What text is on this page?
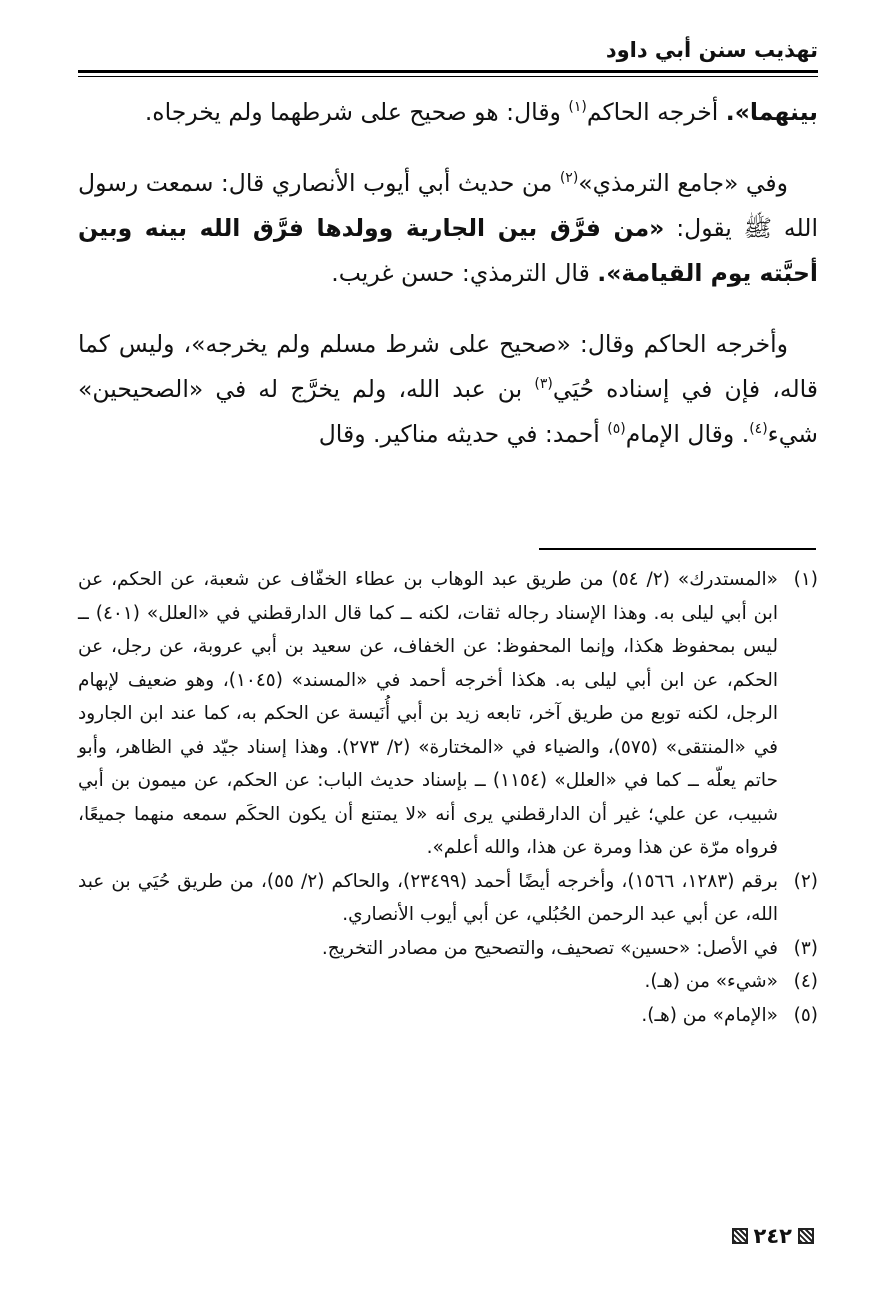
تهذيب سنن أبي داود

بينهما». أخرجه الحاكم$^{(١)}$ وقال: هو صحيح على شرطهما ولم يخرجاه.

وفي «جامع الترمذي»$^{(٢)}$ من حديث أبي أيوب الأنصاري قال: سمعت رسول الله ﷺ يقول: «من فرَّق بين الجارية وولدها فرَّق الله بينه وبين أحبَّته يوم القيامة». قال الترمذي: حسن غريب.

وأخرجه الحاكم وقال: «صحيح على شرط مسلم ولم يخرجه»، وليس كما قاله، فإن في إسناده حُيَي$^{(٣)}$ بن عبد الله، ولم يخرَّج له في «الصحيحين» شيء$^{(٤)}$. وقال الإمام$^{(٥)}$ أحمد: في حديثه مناكير. وقال

(١)

«المستدرك» (٢/ ٥٤) من طريق عبد الوهاب بن عطاء الخفّاف عن شعبة، عن الحكم، عن ابن أبي ليلى به. وهذا الإسناد رجاله ثقات، لكنه ــ كما قال الدارقطني في «العلل» (٤٠١) ــ ليس بمحفوظ هكذا، وإنما المحفوظ: عن الخفاف، عن سعيد بن أبي عروبة، عن رجل، عن الحكم، عن ابن أبي ليلى به. هكذا أخرجه أحمد في «المسند» (١٠٤٥)، وهو ضعيف لإبهام الرجل، لكنه توبع من طريق آخر، تابعه زيد بن أبي أُنَيسة عن الحكم به، كما عند ابن الجارود في «المنتقى» (٥٧٥)، والضياء في «المختارة» (٢/ ٢٧٣). وهذا إسناد جيّد في الظاهر، وأبو حاتم يعلّه ــ كما في «العلل» (١١٥٤) ــ بإسناد حديث الباب: عن الحكم، عن ميمون بن أبي شبيب، عن علي؛ غير أن الدارقطني يرى أنه «لا يمتنع أن يكون الحكَم سمعه منهما جميعًا، فرواه مرّة عن هذا ومرة عن هذا، والله أعلم».

(٢)

برقم (١٢٨٣، ١٥٦٦)، وأخرجه أيضًا أحمد (٢٣٤٩٩)، والحاكم (٢/ ٥٥)، من طريق حُيَي بن عبد الله، عن أبي عبد الرحمن الحُبُلي، عن أبي أيوب الأنصاري.

(٣)

في الأصل: «حسين» تصحيف، والتصحيح من مصادر التخريج.

(٤)

«شيء» من (هـ).

(٥)

«الإمام» من (هـ).

٢٤٢
